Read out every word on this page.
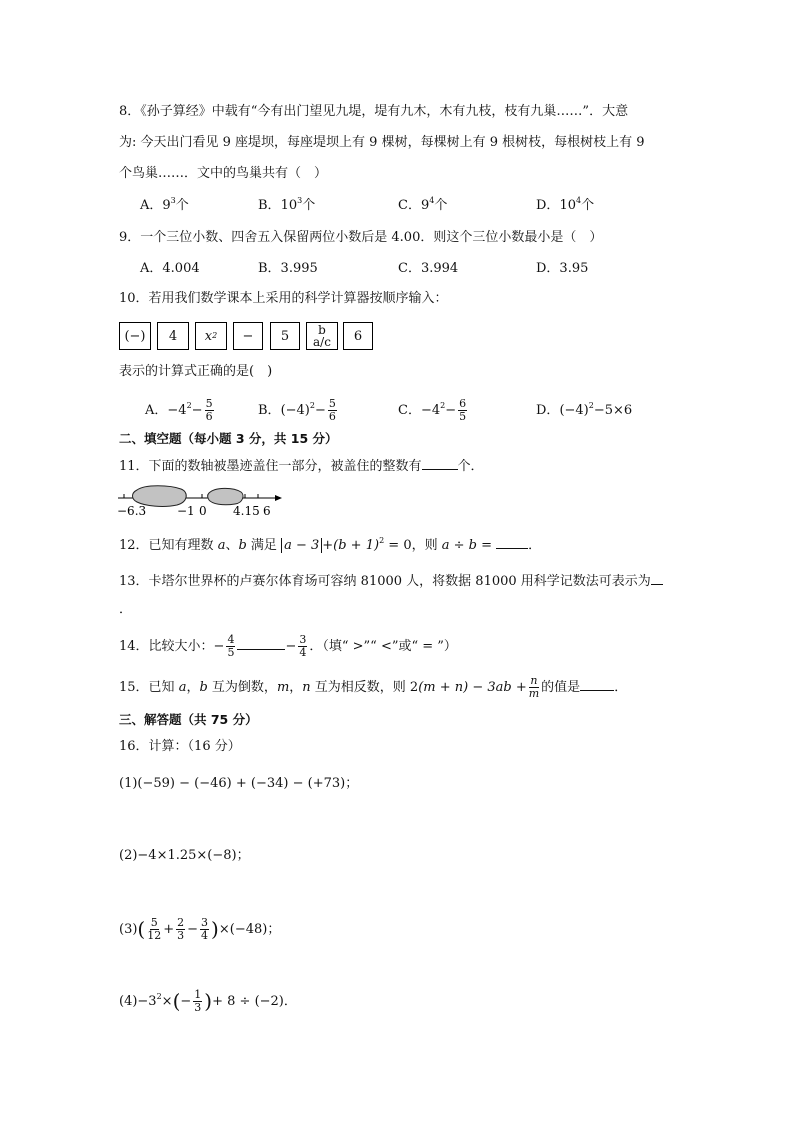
8．《孙子算经》中载有“今有出门望见九堤，堤有九木，木有九枝，枝有九巢……”．大意
为: 今天出门看见 9 座堤坝，每座堤坝上有 9 棵树，每棵树上有 9 根树枝，每根树枝上有 9
个鸟巢……．文中的鸟巢共有（　）
A．$9^3$个	B．$10^3$个	C．$9^4$个	D．$10^4$个
9．一个三位小数、四舍五入保留两位小数后是 4.00．则这个三位小数最小是（　）
A．4.004	B．3.995	C．3.994	D．3.95
10．若用我们数学课本上采用的科学计算器按顺序输入：
(−)	4	x 2	−	5	b
a/c	6
表示的计算式正确的是(　)
A．$-4^2- \frac{5}{6}$	B．$(-4)^2- \frac{5}{6}$	C．$-4^2- \frac{6}{5}$	D．$(-4)^2-5\times 6$
二、填空题（每小题 3 分，共 15 分）
11．下面的数轴被墨迹盖住一部分，被盖住的整数有	个．
−6.3	−1 0 4.15 6
12．已知有理数 a、b 满足 $a - 3 +(b + 1)^2 = 0$，则 a ÷ b =	．
13．卡塔尔世界杯的卢赛尔体育场可容纳 81000 人，将数据 81000 用科学记数法可表示为
．
14．比较大小：− $\frac{4}{5}$	− $\frac{3}{4}$ ．（填“ >”“ <”或“ = ”）
15．已知 a，b 互为倒数，m，n 互为相反数，则 $2(m + n) - 3ab + \frac{n}{m}$ 的值是	．
三、解答题（共 75 分）
16．计算：（16 分）
(1)(−59) − (−46) + (−34) − (+73)；
(2)−4×1.25×(−8)；
$(3)( \frac{5}{12} + \frac{2}{3} - \frac{3}{4} )\times(-48)$；
$(4)-3^2\times(- \frac{1}{3}$ )+ 8 ÷ (−2)．
